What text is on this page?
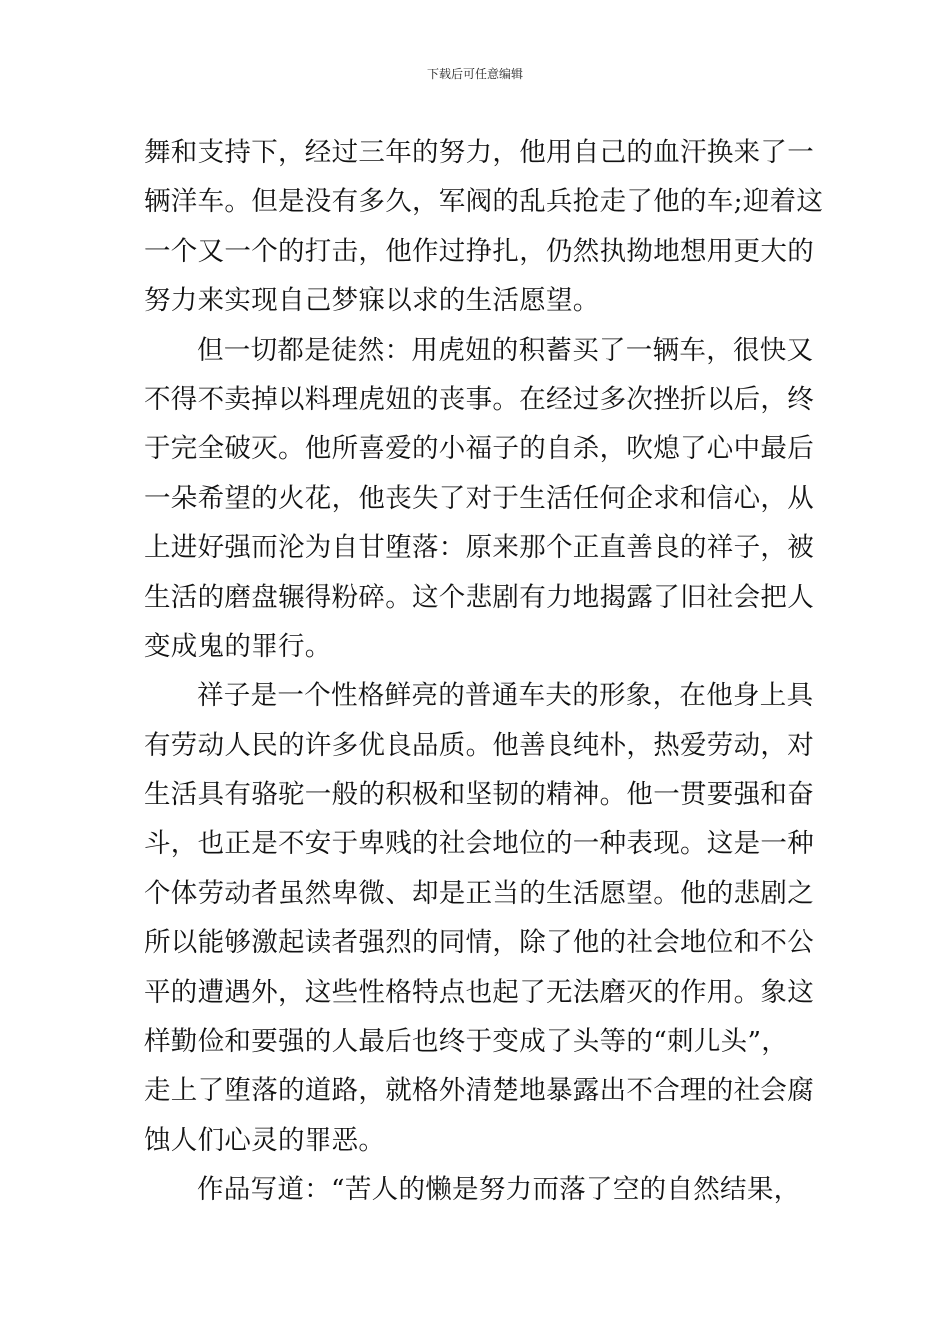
下载后可任意编辑
舞和支持下，经过三年的努力，他用自己的血汗换来了一
辆洋车。但是没有多久，军阀的乱兵抢走了他的车;迎着这
一个又一个的打击，他作过挣扎，仍然执拗地想用更大的
努力来实现自己梦寐以求的生活愿望。
但一切都是徒然：用虎妞的积蓄买了一辆车，很快又
不得不卖掉以料理虎妞的丧事。在经过多次挫折以后，终
于完全破灭。他所喜爱的小福子的自杀，吹熄了心中最后
一朵希望的火花，他丧失了对于生活任何企求和信心，从
上进好强而沦为自甘堕落：原来那个正直善良的祥子，被
生活的磨盘辗得粉碎。这个悲剧有力地揭露了旧社会把人
变成鬼的罪行。
祥子是一个性格鲜亮的普通车夫的形象，在他身上具
有劳动人民的许多优良品质。他善良纯朴，热爱劳动，对
生活具有骆驼一般的积极和坚韧的精神。他一贯要强和奋
斗，也正是不安于卑贱的社会地位的一种表现。这是一种
个体劳动者虽然卑微、却是正当的生活愿望。他的悲剧之
所以能够激起读者强烈的同情，除了他的社会地位和不公
平的遭遇外，这些性格特点也起了无法磨灭的作用。象这
样勤俭和要强的人最后也终于变成了头等的“刺儿头”，
走上了堕落的道路，就格外清楚地暴露出不合理的社会腐
蚀人们心灵的罪恶。
作品写道：“苦人的懒是努力而落了空的自然结果，
